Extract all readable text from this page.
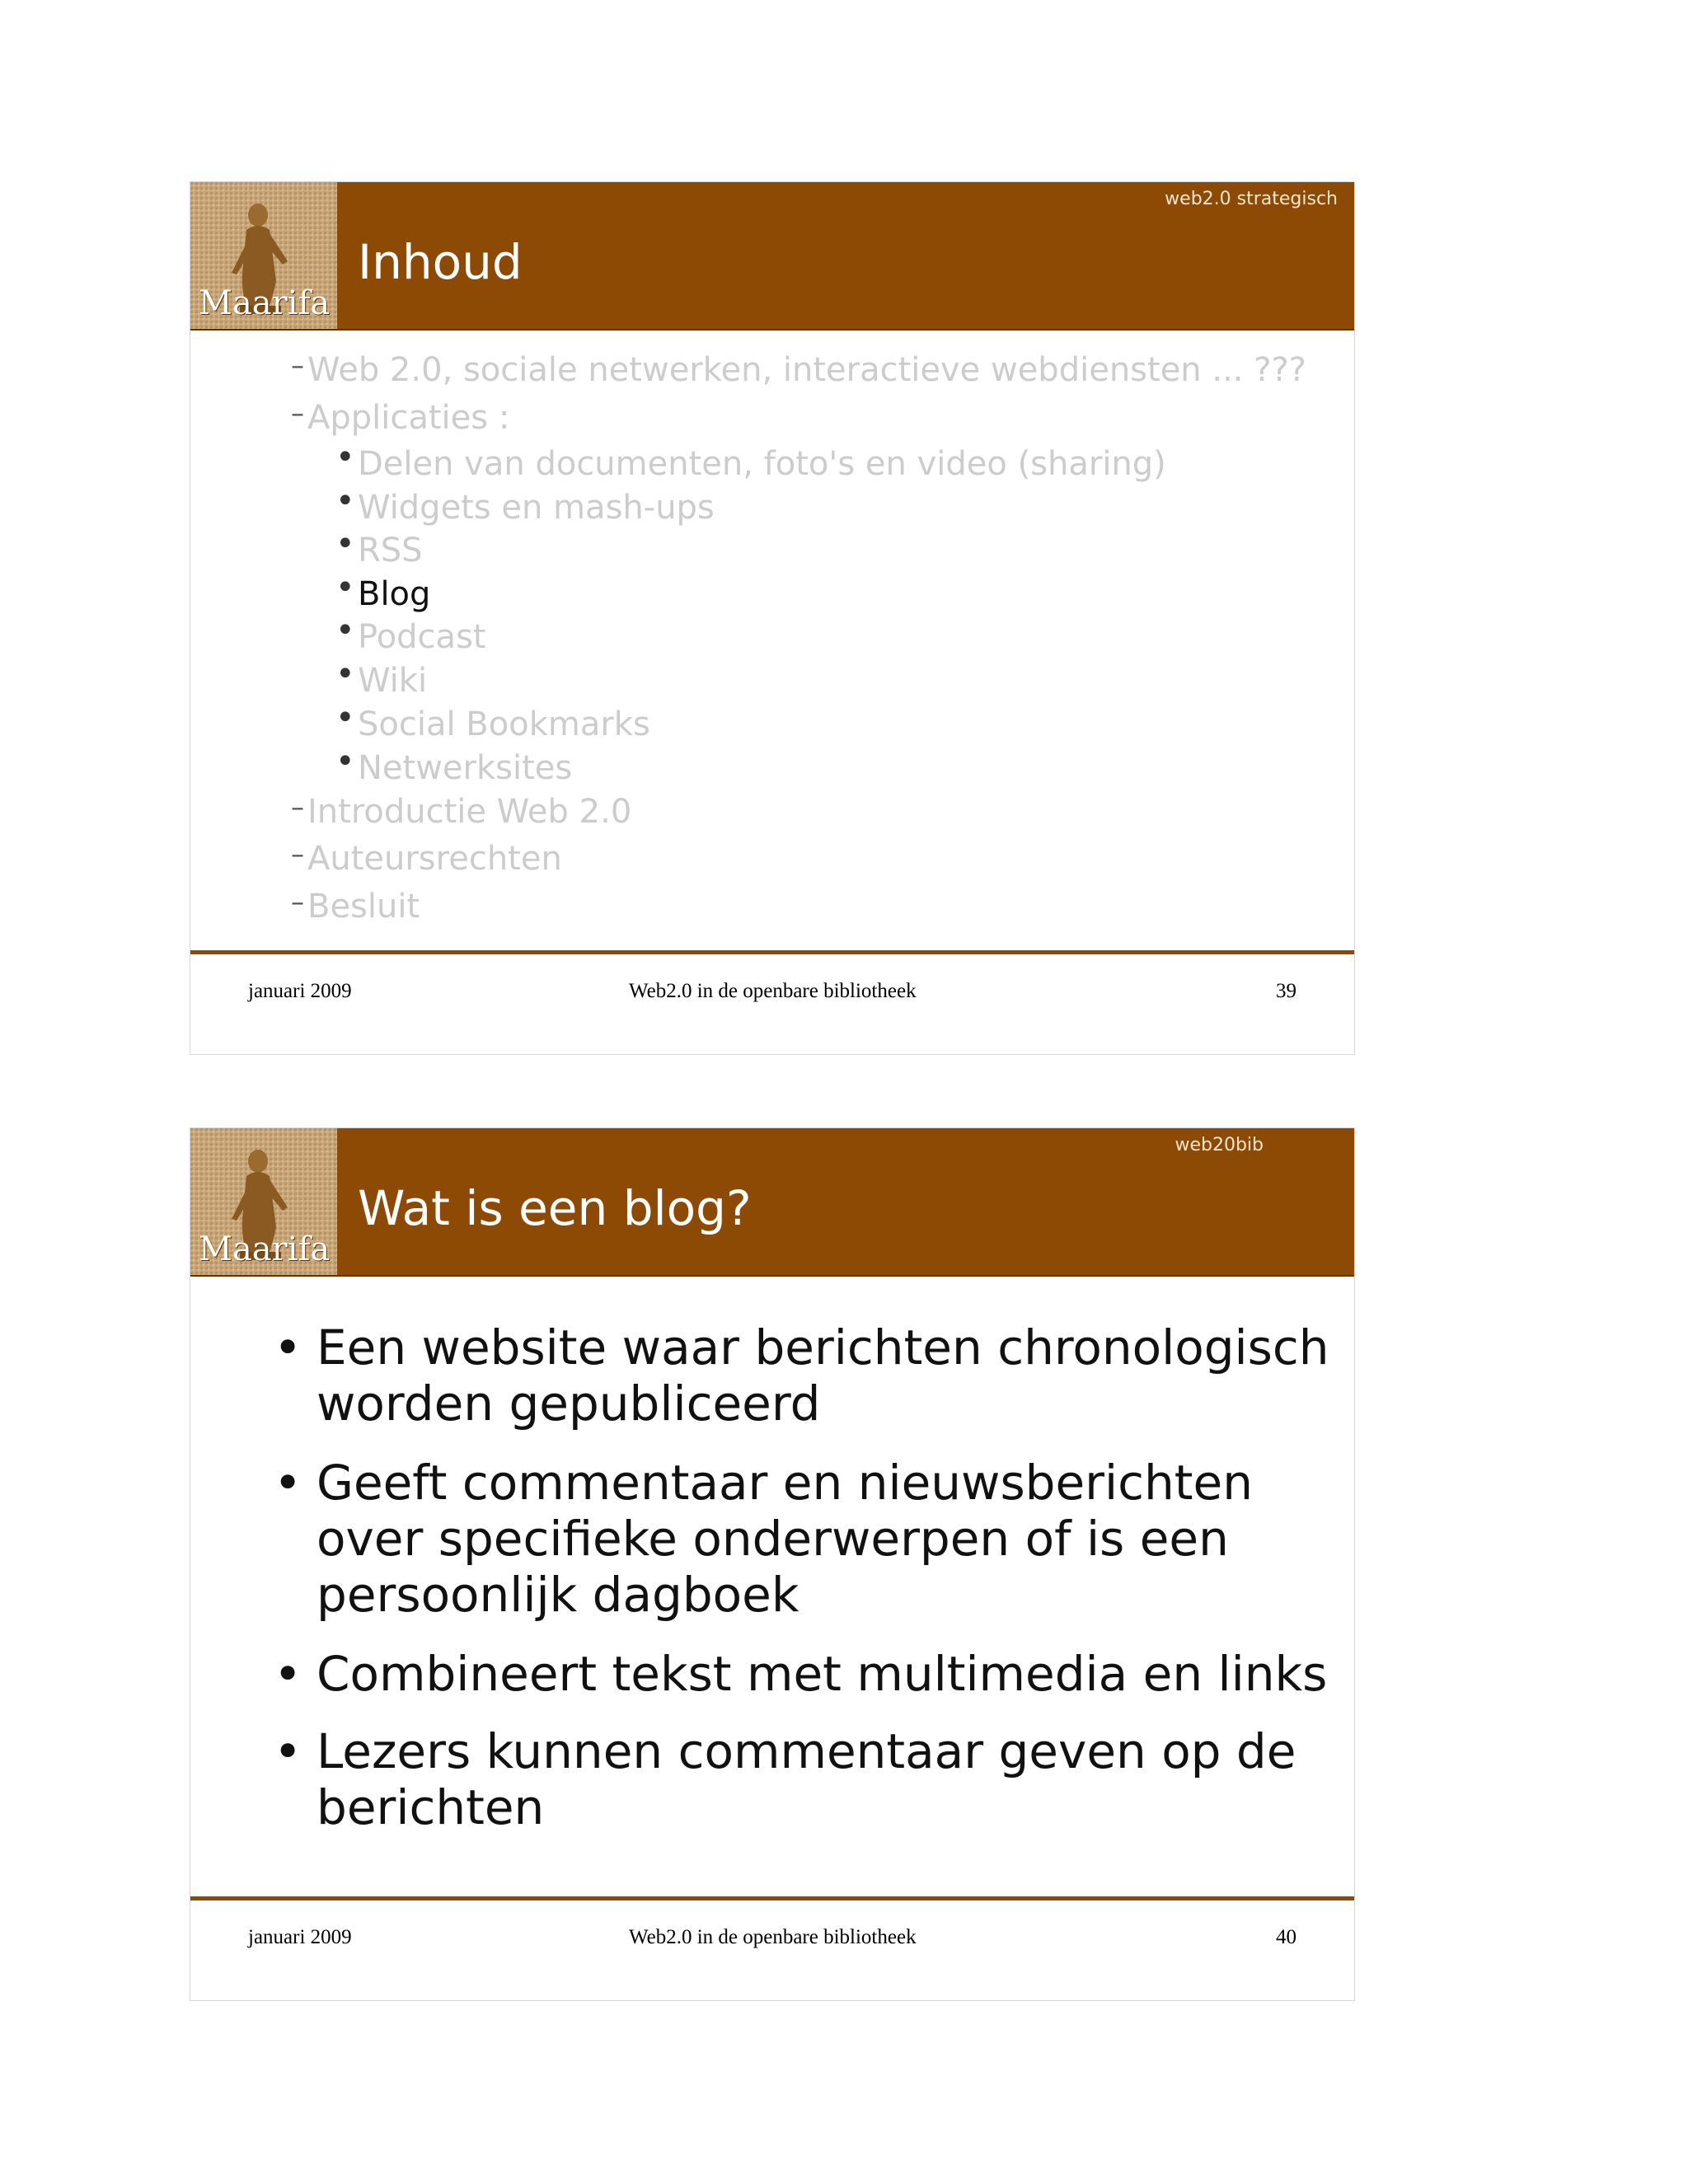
Maarifa
web2.0 strategisch
Inhoud
– Web 2.0, sociale netwerken, interactieve webdiensten ... ???
– Applicaties :
• Delen van documenten, foto's en video (sharing)
• Widgets en mash-ups
• RSS
• Blog
• Podcast
• Wiki
• Social Bookmarks
• Netwerksites
– Introductie Web 2.0
– Auteursrechten
– Besluit
januari 2009	Web2.0 in de openbare bibliotheek	39
Maarifa
web20bib
Wat is een blog?
• Een website waar berichten chronologisch worden gepubliceerd
• Geeft commentaar en nieuwsberichten over specifieke onderwerpen of is een persoonlijk dagboek
• Combineert tekst met multimedia en links
• Lezers kunnen commentaar geven op de berichten
januari 2009	Web2.0 in de openbare bibliotheek	40
